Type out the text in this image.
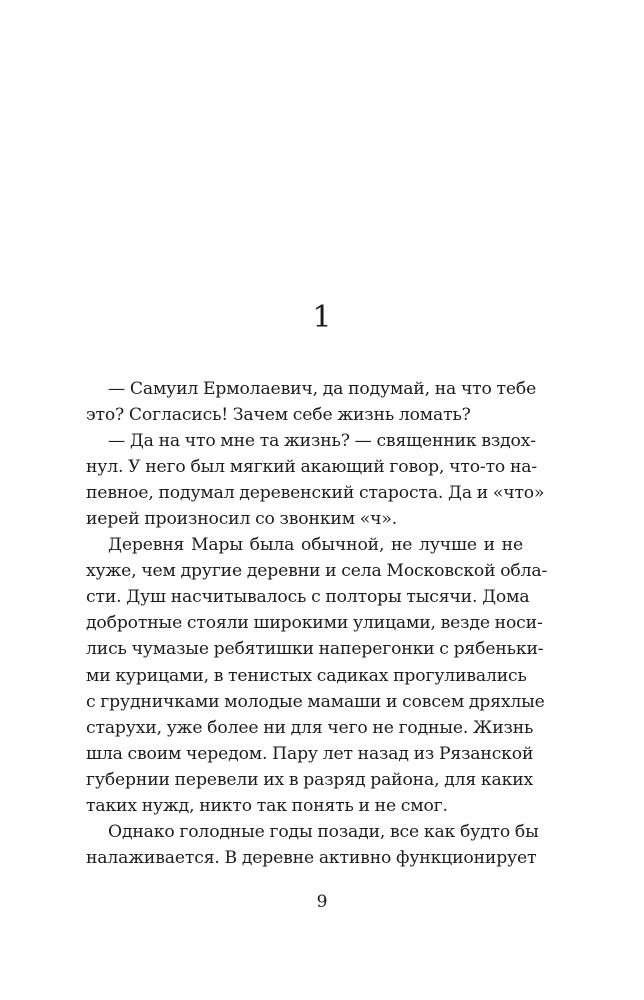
1
— Самуил Ермолаевич, да подумай, на что тебе
это? Согласись! Зачем себе жизнь ломать?
— Да на что мне та жизнь? — священник вздох-
нул. У него был мягкий акающий говор, что-то на-
певное, подумал деревенский староста. Да и «что»
иерей произносил со звонким «ч».
Деревня Мары была обычной, не лучше и не
хуже, чем другие деревни и села Московской обла-
сти. Душ насчитывалось с полторы тысячи. Дома
добротные стояли широкими улицами, везде носи-
лись чумазые ребятишки наперегонки с рябеньки-
ми курицами, в тенистых садиках прогуливались
с грудничками молодые мамаши и совсем дряхлые
старухи, уже более ни для чего не годные. Жизнь
шла своим чередом. Пару лет назад из Рязанской
губернии перевели их в разряд района, для каких
таких нужд, никто так понять и не смог.
Однако голодные годы позади, все как будто бы
налаживается. В деревне активно функционирует
9
